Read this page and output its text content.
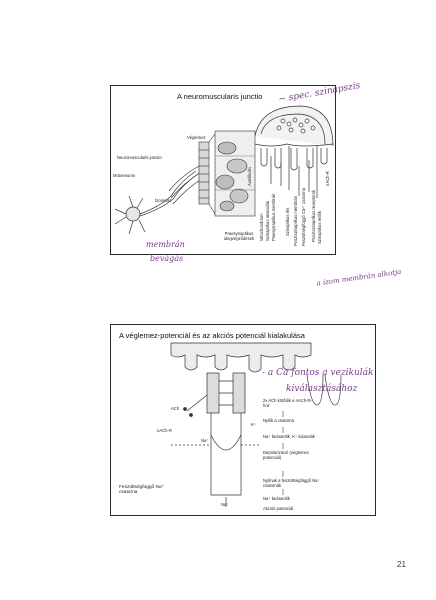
A neuromuscularis junctio
Neuromuscularis junctio
Motoneuron
Ízomrost
Véglemez
Praesynaptikus idegvégződések	Mitochondrium Szinaptikus vesiculák Praesynaptikus membrán Szinaptikus rés Posztszinaptikus membrán Feszültségfüggő Ca²⁺ csatorna	Szinaptikus redők
nACh-R
Posztszinaptikus receptorok
Acetilkolin
A véglemez-potenciál és az akciós potenciál kialakulása
ACh
nACh-R
K⁺
Na⁺
Na⁺
Feszültségfüggő Na⁺ csatorna
2x ACh kötődik a nACh-R-hoz
Nyílik a csatorna
Na⁺ beáramlik, K⁺ kiáramlik
Depolarizáció (véglemez potenciál)
Nyílnak a feszültségfüggő Na⁺ csatornák
Na⁺ beáramlik
Akciós potenciál
~ spec. szinapszis
membrán
bevágás
a ízom membrán alkotja
- a Ca fontos a vezikulák
kiválasztásához
21
